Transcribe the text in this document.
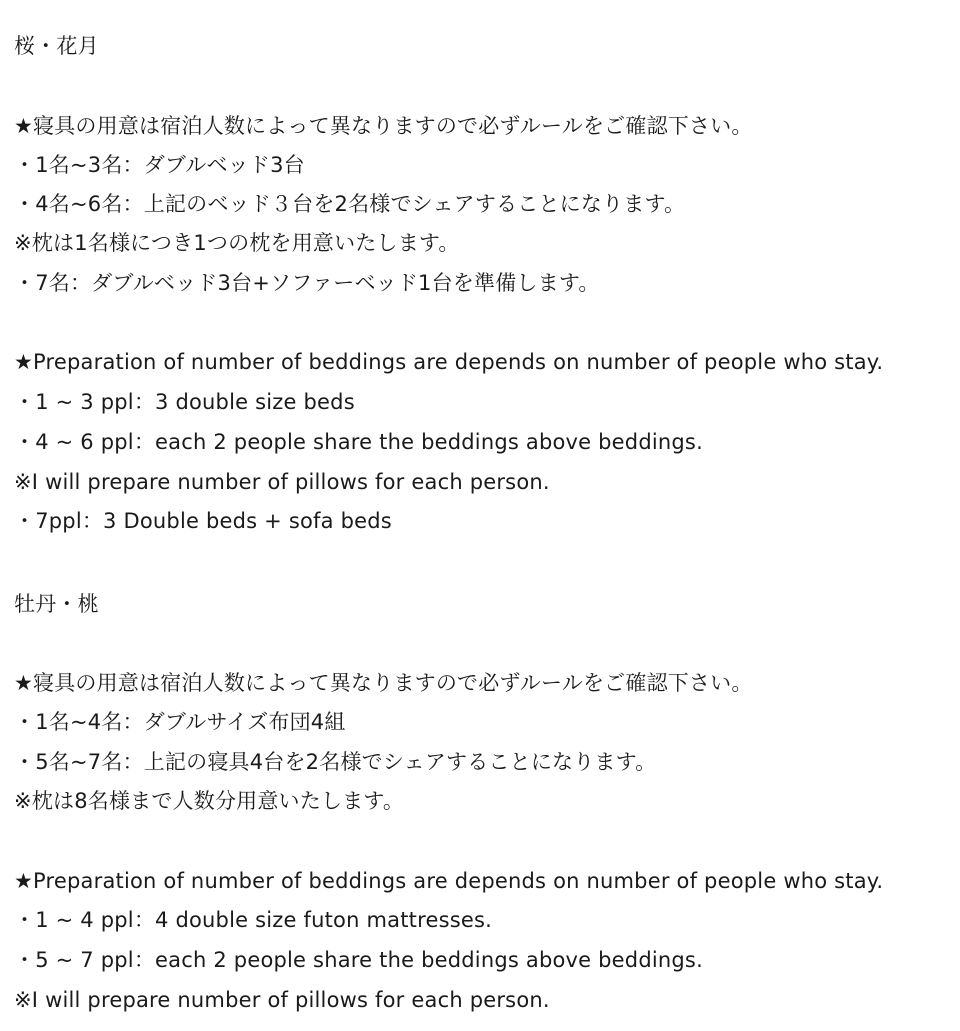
桜・花月
★寝具の用意は宿泊人数によって異なりますので必ずルールをご確認下さい。
・1名~3名：ダブルベッド3台
・4名~6名：上記のベッド３台を2名様でシェアすることになります。
※枕は1名様につき1つの枕を用意いたします。
・7名：ダブルベッド3台+ソファーベッド1台を準備します。
★Preparation of number of beddings are depends on number of people who stay.
・1 ~ 3 ppl：3 double size beds
・4 ~ 6 ppl：each 2 people share the beddings above beddings.
※I will prepare number of pillows for each person.
・7ppl：3 Double beds + sofa beds
牡丹・桃
★寝具の用意は宿泊人数によって異なりますので必ずルールをご確認下さい。
・1名~4名：ダブルサイズ布団4組
・5名~7名：上記の寝具4台を2名様でシェアすることになります。
※枕は8名様まで人数分用意いたします。
★Preparation of number of beddings are depends on number of people who stay.
・1 ~ 4 ppl：4 double size futon mattresses.
・5 ~ 7 ppl：each 2 people share the beddings above beddings.
※I will prepare number of pillows for each person.
